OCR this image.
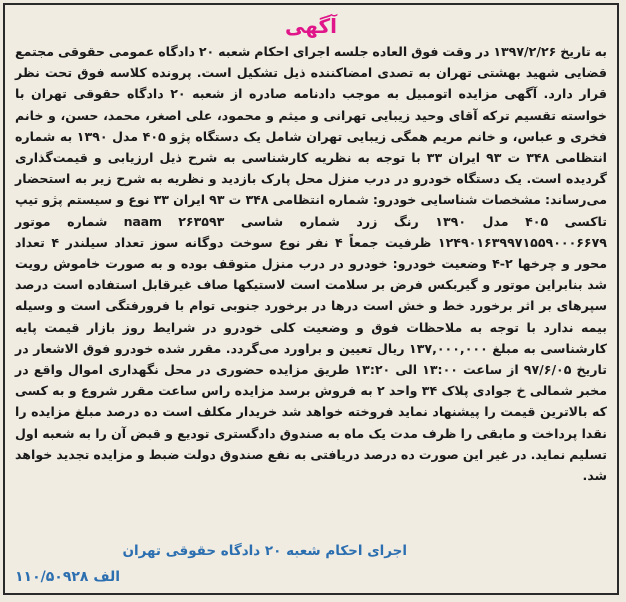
آگهی
به تاریخ ۱۳۹۷/۲/۲۶ در وقت فوق العاده جلسه اجرای احکام شعبه ۲۰ دادگاه عمومی حقوقی مجتمع قضایی شهید بهشتی تهران به تصدی امضاکننده ذیل تشکیل است. پرونده کلاسه فوق تحت نظر قرار دارد. آگهی مزایده اتومبیل به موجب دادنامه صادره از شعبه ۲۰ دادگاه حقوقی تهران با خواسته تقسیم ترکه آقای وحید زیبایی تهرانی و میثم و محمود، علی اصغر، محمد، حسن، و خانم فخری و عباس، و خانم مریم همگی زیبایی تهران شامل یک دستگاه پژو ۴۰۵ مدل ۱۳۹۰ به شماره انتظامی ۳۴۸ ت ۹۳ ایران ۳۳ با توجه به نظریه کارشناسی به شرح ذیل ارزیابی و قیمت‌گذاری گردیده است. یک دستگاه خودرو در درب منزل محل پارک بازدید و نظریه به شرح زیر به استحضار می‌رساند: مشخصات شناسایی خودرو: شماره انتظامی ۳۴۸ ت ۹۳ ایران ۳۳ نوع و سیستم پژو تیپ تاکسی ۴۰۵ مدل ۱۳۹۰ رنگ زرد شماره شاسی ۲۶۳۵۹۳ naam شماره موتور ۱۲۴۹۰۱۶۳۹۹۷۱۵۵۹۰۰۰۶۶۷۹ ظرفیت جمعاً ۴ نفر نوع سوخت دوگانه سوز تعداد سیلندر ۴ تعداد محور و چرخها ۲-۴ وضعیت خودرو: خودرو در درب منزل متوقف بوده و به صورت خاموش رویت شد بنابراین موتور و گیربکس فرض بر سلامت است لاستیکها صاف غیرقابل استفاده است درصد سپرهای بر اثر برخورد خط و خش است درها در برخورد جنوبی توام با فرورفتگی است و وسیله بیمه ندارد با توجه به ملاحظات فوق و وضعیت کلی خودرو در شرایط روز بازار قیمت پایه کارشناسی به مبلغ ۱۳۷,۰۰۰,۰۰۰ ریال تعیین و براورد می‌گردد. مقرر شده خودرو فوق الاشعار در تاریخ ۹۷/۶/۰۵ از ساعت ۱۳:۰۰ الی ۱۳:۲۰ طریق مزایده حضوری در محل نگهداری اموال واقع در مخبر شمالی خ جوادی پلاک ۳۴ واحد ۲ به فروش برسد مزایده راس ساعت مقرر شروع و به کسی که بالاترین قیمت را پیشنهاد نماید فروخته خواهد شد خریدار مکلف است ده درصد مبلغ مزایده را نقدا پرداخت و مابقی را ظرف مدت یک ماه به صندوق دادگستری تودیع و قبض آن را به شعبه اول تسلیم نماید. در غیر این صورت ده درصد دریافتی به نفع صندوق دولت ضبط و مزایده تجدید خواهد شد.
اجرای احکام شعبه ۲۰ دادگاه حقوقی تهران
۱۱۰/۵۰۹۲۸ الف
